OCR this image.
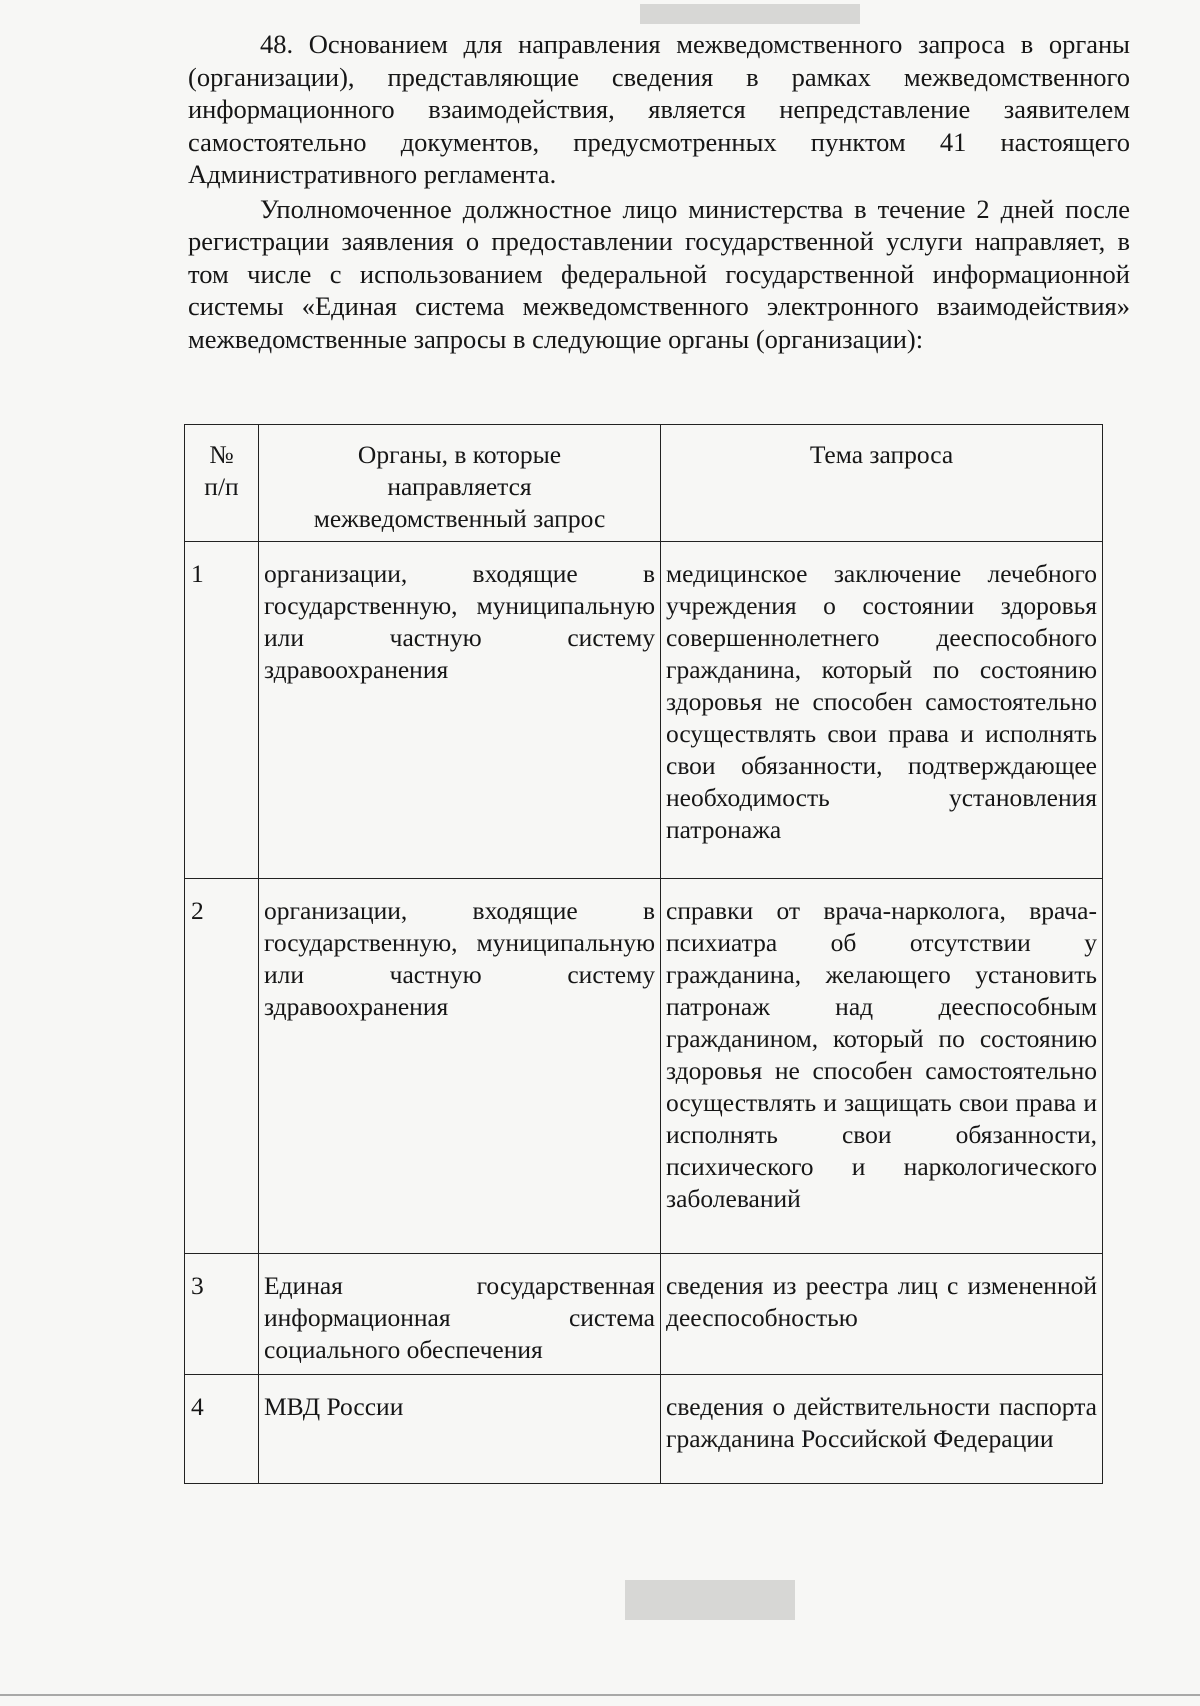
48. Основанием для направления межведомственного запроса в органы (организации), представляющие сведения в рамках межведомственного информационного взаимодействия, является непредставление заявителем самостоятельно документов, предусмотренных пунктом 41 настоящего Административного регламента.

Уполномоченное должностное лицо министерства в течение 2 дней после регистрации заявления о предоставлении государственной услуги направляет, в том числе с использованием федеральной государственной информационной системы «Единая система межведомственного электронного взаимодействия» межведомственные запросы в следующие органы (организации):

№ п/п	Органы, в которые направляется межведомственный запрос	Тема запроса
1	организации, входящие в государственную, муниципальную или частную систему здравоохранения	медицинское заключение лечебного учреждения о состоянии здоровья совершеннолетнего дееспособного гражданина, который по состоянию здоровья не способен самостоятельно осуществлять свои права и исполнять свои обязанности, подтверждающее необходимость установления патронажа

2	организации, входящие в государственную, муниципальную или частную систему здравоохранения	справки от врача-нарколога, врача-психиатра об отсутствии у гражданина, желающего установить патронаж над дееспособным гражданином, который по состоянию здоровья не способен самостоятельно осуществлять и защищать свои права и исполнять свои обязанности, психического и наркологического заболеваний

3	Единая государственная информационная система социального обеспечения	сведения из реестра лиц с измененной дееспособностью

4	МВД России	сведения о действительности паспорта гражданина Российской Федерации
